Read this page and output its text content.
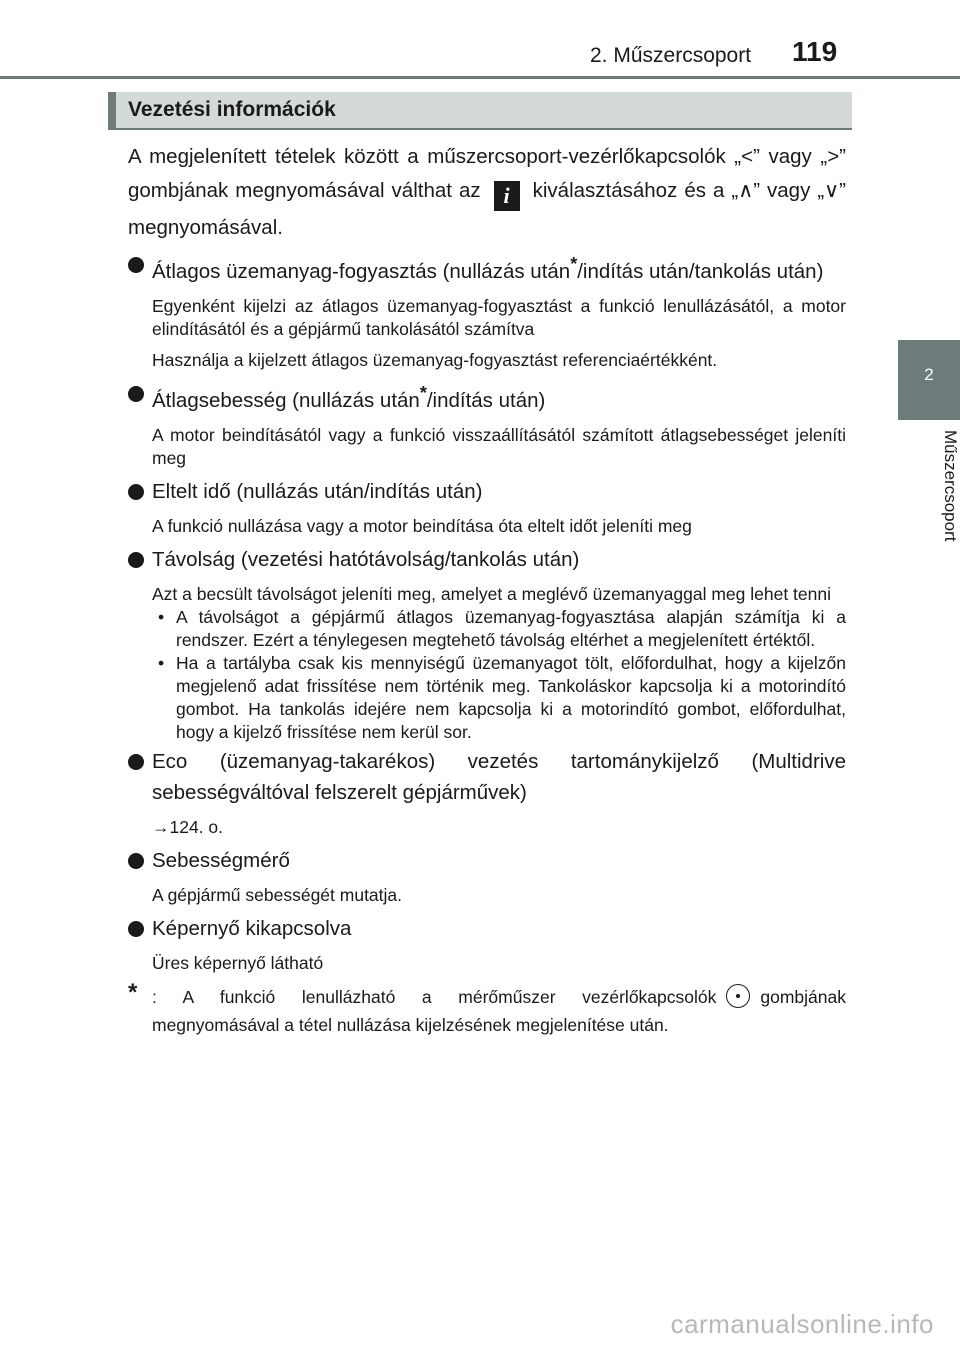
2. Műszercsoport 119
2
Műszercsoport
Vezetési információk

A megjelenített tételek között a műszercsoport-vezérlőkapcsolók „<” vagy „>” gombjának megnyomásával válthat az i kiválasztásához és a „∧” vagy „∨” megnyomásával.

Átlagos üzemanyag-fogyasztás (nullázás után*/indítás után/tankolás után)
Egyenként kijelzi az átlagos üzemanyag-fogyasztást a funkció lenullázásától, a motor elindításától és a gépjármű tankolásától számítva
Használja a kijelzett átlagos üzemanyag-fogyasztást referenciaértékként.
Átlagsebesség (nullázás után*/indítás után)
A motor beindításától vagy a funkció visszaállításától számított átlagsebességet jeleníti meg
Eltelt idő (nullázás után/indítás után)
A funkció nullázása vagy a motor beindítása óta eltelt időt jeleníti meg
Távolság (vezetési hatótávolság/tankolás után)
Azt a becsült távolságot jeleníti meg, amelyet a meglévő üzemanyaggal meg lehet tenni
• A távolságot a gépjármű átlagos üzemanyag-fogyasztása alapján számítja ki a rendszer. Ezért a ténylegesen megtehető távolság eltérhet a megjelenített értéktől.
• Ha a tartályba csak kis mennyiségű üzemanyagot tölt, előfordulhat, hogy a kijelzőn megjelenő adat frissítése nem történik meg. Tankoláskor kapcsolja ki a motorindító gombot. Ha tankolás idejére nem kapcsolja ki a motorindító gombot, előfordulhat, hogy a kijelző frissítése nem kerül sor.
Eco (üzemanyag-takarékos) vezetés tartománykijelző (Multidrive sebességváltóval felszerelt gépjárművek)
→124. o.
Sebességmérő
A gépjármű sebességét mutatja.
Képernyő kikapcsolva
Üres képernyő látható
* : A funkció lenullázható a mérőműszer vezérlőkapcsolók	gombjának megnyomásával a tétel nullázása kijelzésének megjelenítése után.
carmanualsonline.info
